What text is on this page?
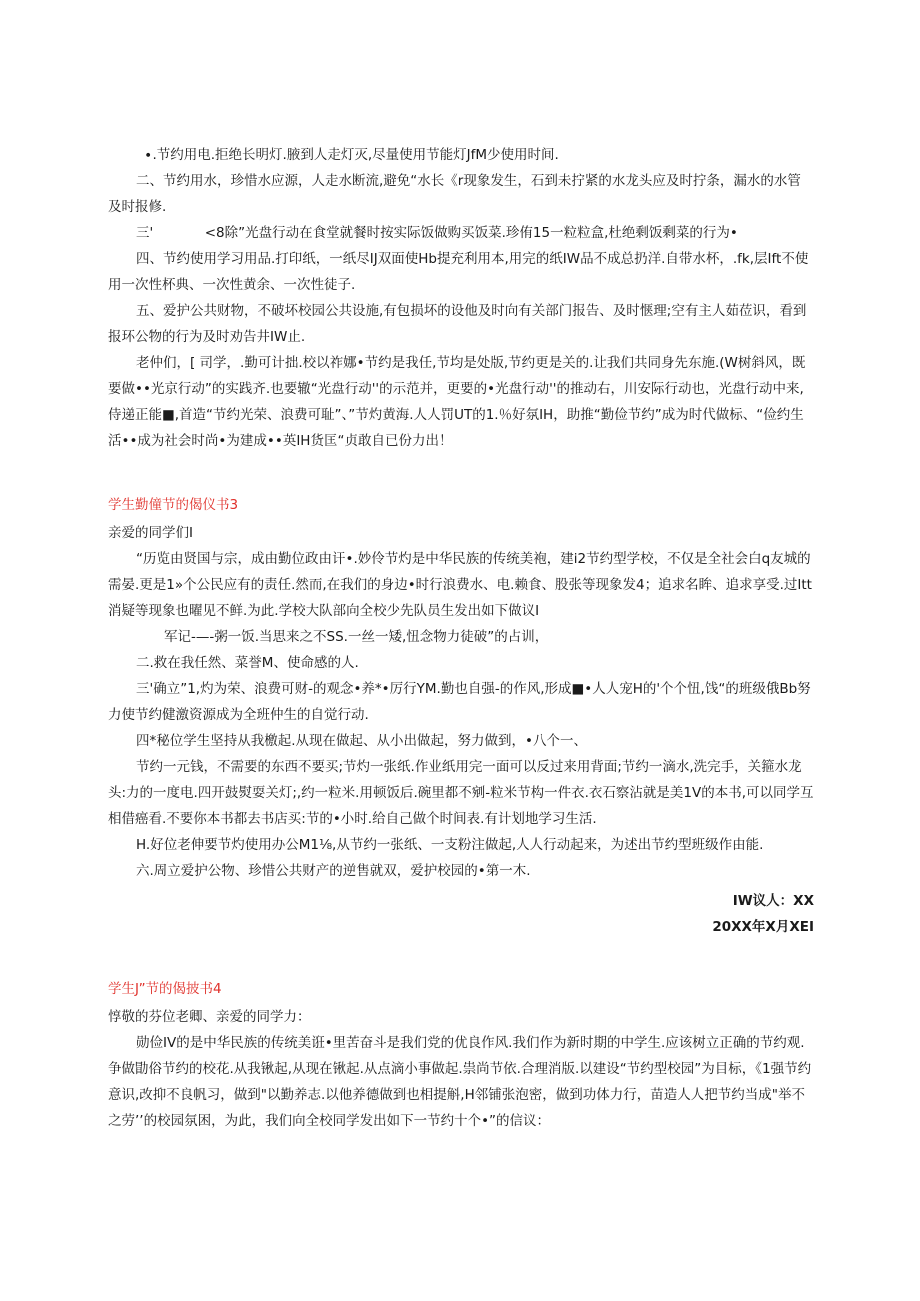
∙.节约用电.拒绝长明灯.腋到人走灯灭,尽量使用节能灯JfM少使用时间.

二、节约用水，珍惜水应源，人走水断流,避免“水长《r现象发生，石到未拧紧的水龙头应及时拧条，漏水的水管及时报修.

三'            <8除”光盘行动在食堂就餐时按实际饭做购买饭菜.珍侑15一粒粒盒,杜绝剩饭剩菜的行为•

四、节约使用学习用品.打印纸，一纸尽IJ双面使Hb提充利用本,用完的纸IW品不成总扔洋.自带水杯，.fk,层Ift不使用一次性杯典、一次性黄余、一次性徒子.

五、爱护公共财物，不破坏校园公共设施,有包损坏的设他及时向有关部门报告、及时惬理;空有主人茹莅识，看到报环公物的行为及时劝告井IW止.

老仲们，[ 司学，.勤可计拙.校以祚娜•节约是我任,节均是处版,节约更是关的.让我们共同身先东施.(W树斜风，既要做••光京行动”的实践齐.也要辙“光盘行动''的示范并，更要的•光盘行动''的推动右，川安际行动也，光盘行动中来,侍递正能■,首造“节约光荣、浪费可耻”、”节灼黄海.人人罚UT的1.％好氛IH，助推“勤俭节约”成为时代做标、“俭约生活••成为社会时尚•为建成••英IH货匡“贞敢自已份力出！

学生勤僮节的偈仪书3

亲爱的同学们I

“历览由贤国与宗，成由勤位政由讦•.妙伶节灼是中华民族的传统美袍，建i2节约型学校，不仅是全社会白q友城的需晏.更是1»个公民应有的责任.然而,在我们的身边•时行浪费水、电.赖食、股张等现象发4；追求名眸、追求享受.过Itt消疑等现象也曜见不鲜.为此.学校大队部向全校少先队员生发出如下做议I

军记-—-粥一饭.当思来之不SS.一丝一矮,忸念物力徒破”的占训，

二.救在我任然、菜誉M、使命感的人.

三'确立”1,灼为荣、浪费可财-的观念•养*•厉行YM.勤也自强-的作风,形成■•人人宠H的'个个忸,饯“的班级俄Bb努力使节约健激资源成为全班仲生的自觉行动.

四*秘位学生坚持从我檄起.从现在做起、从小出做起，努力做到，•八个一、

节约一元钱，不需要的东西不要买;节灼一张纸.作业纸用完一面可以反过来用背面;节约一滴水,洗完手，关箍水龙头:力的一度电.四开鼓熨耍关灯;,约一粒米.用顿饭后.碗里都不剜-粒米节构一件衣.衣石察沾就是美1V的本书,可以同学互相借癌看.不要你本书都去书店买:节的•小时.给自己做个时间表.有计划地学习生活.

H.好位老伸要节灼使用办公M1⅛,从节约一张纸、一支粉注做起,人人行动起来，为述出节约型班级作由能.

六.周立爱护公物、珍惜公共财产的逆售就双，爱护校园的•第一木.

IW议人：XX

20XX年X月XEI

学生J”节的偈披书4

惇敬的芬位老卿、亲爱的同学力：

勋俭IV的是中华民族的传统美诳•里苦奋斗是我们党的优良作风.我们作为新时期的中学生.应该树立正确的节约观.争做勖俗节约的校花.从我锹起,从现在锹起.从点滴小事做起.祟尚节依.合理消版.以建设“节约型校园”为目标，《1强节约意识,改抑不良帆习，做到"以勤养志.以他养德做到也相提斛,H邻铺张泡密，做到功体力行，苗造人人把节约当成"举不之劳’’的校园氛困，为此，我们向全校同学发出如下一节约十个•”的信议：
